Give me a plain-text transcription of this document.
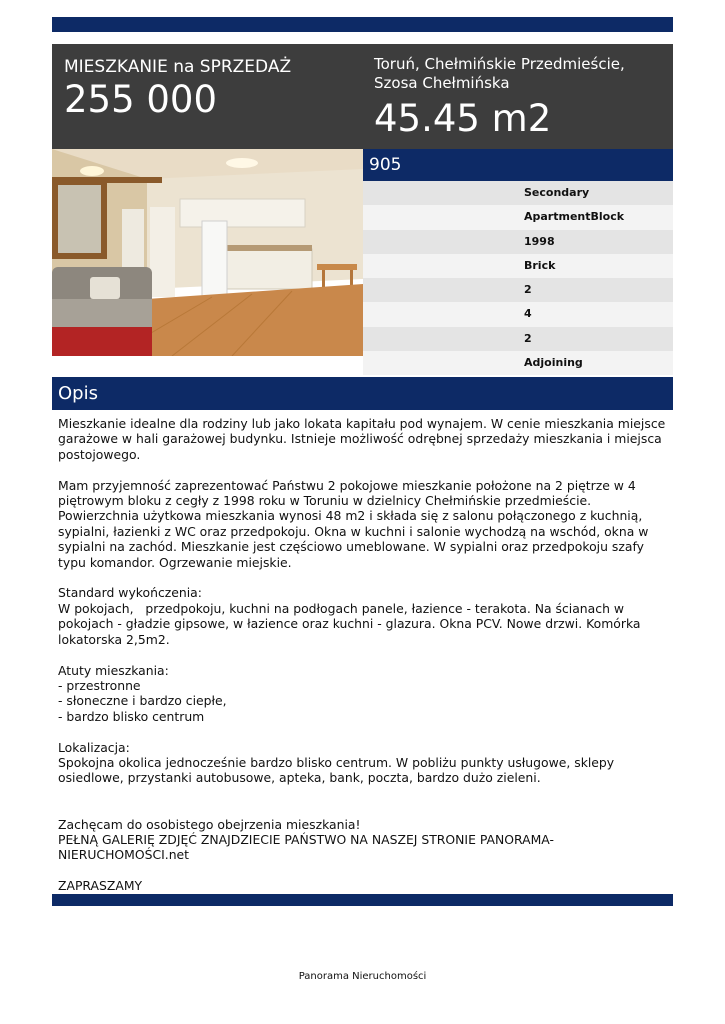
MIESZKANIE na SPRZEDAŻ
255 000
Toruń, Chełmińskie Przedmieście,
Szosa Chełmińska
45.45 m2
905
Secondary
ApartmentBlock
1998
Brick
2
4
2
Adjoining
Opis
Mieszkanie idealne dla rodziny lub jako lokata kapitału pod wynajem. W cenie mieszkania miejsce garażowe w hali garażowej budynku. Istnieje możliwość odrębnej sprzedaży mieszkania i miejsca postojowego.

Mam przyjemność zaprezentować Państwu 2 pokojowe mieszkanie położone na 2 piętrze w 4 piętrowym bloku z cegły z 1998 roku w Toruniu w dzielnicy Chełmińskie przedmieście. Powierzchnia użytkowa mieszkania wynosi 48 m2 i składa się z salonu połączonego z kuchnią, sypialni, łazienki z WC oraz przedpokoju. Okna w kuchni i salonie wychodzą na wschód, okna w sypialni na zachód. Mieszkanie jest częściowo umeblowane. W sypialni oraz przedpokoju szafy typu komandor. Ogrzewanie miejskie.

Standard wykończenia:
W pokojach,   przedpokoju, kuchni na podłogach panele, łazience - terakota. Na ścianach w pokojach - gładzie gipsowe, w łazience oraz kuchni - glazura. Okna PCV. Nowe drzwi. Komórka lokatorska 2,5m2.

Atuty mieszkania:
- przestronne
- słoneczne i bardzo ciepłe,
- bardzo blisko centrum

Lokalizacja:
Spokojna okolica jednocześnie bardzo blisko centrum. W pobliżu punkty usługowe, sklepy osiedlowe, przystanki autobusowe, apteka, bank, poczta, bardzo dużo zieleni.

Zachęcam do osobistego obejrzenia mieszkania!
PEŁNĄ GALERIĘ ZDJĘĆ ZNAJDZIECIE PAŃSTWO NA NASZEJ STRONIE PANORAMA-NIERUCHOMOŚCI.net

ZAPRASZAMY
Panorama Nieruchomości
